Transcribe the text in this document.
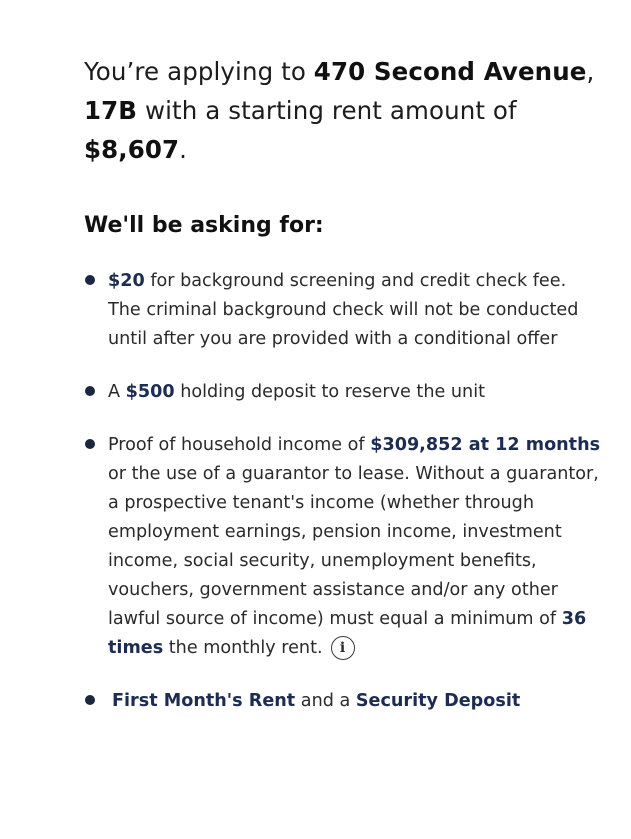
You’re applying to 470 Second Avenue, 17B with a starting rent amount of $8,607.

We'll be asking for:
$20 for background screening and credit check fee. The criminal background check will not be conducted until after you are provided with a conditional offer
A $500 holding deposit to reserve the unit
Proof of household income of $309,852 at 12 months or the use of a guarantor to lease. Without a guarantor, a prospective tenant's income (whether through employment earnings, pension income, investment income, social security, unemployment benefits, vouchers, government assistance and/or any other lawful source of income) must equal a minimum of 36 times the monthly rent. i
First Month's Rent and a Security Deposit
